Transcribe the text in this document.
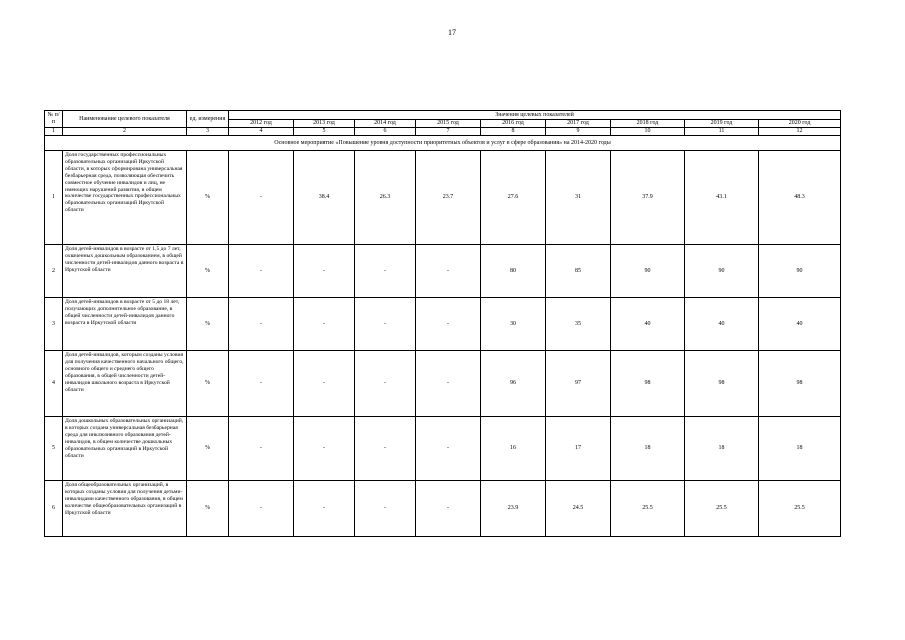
17
№ п/п	Наименование целевого показателя	ед. измерения	Значения целевых показателей								
			2012 год	2013 год	2014 год	2015 год	2016 год	2017 год	2018 год	2019 год	2020 год
1	2	3	4	5	6	7	8	9	10	11	12
Основное мероприятие «Повышение уровня доступности приоритетных объектов и услуг в сфере образования» на 2014-2020 годы											
1	Доля государственных профессиональных образовательных организаций Иркутской области, в которых сформирована универсальная безбарьерная среда, позволяющая обеспечить совместное обучение инвалидов и лиц, не имеющих нарушений развития, в общем количестве государственных профессиональных образовательных организаций Иркутской области	%	-	38.4	26.3	23.7	27.6	31	37.9	43.1	48.3
2	Доля детей-инвалидов в возрасте от 1,5 до 7 лет, охваченных дошкольным образованием, в общей численности детей-инвалидов данного возраста в Иркутской области	%	-	-	-	-	80	85	90	90	90
3	Доля детей-инвалидов в возрасте от 5 до 18 лет, получающих дополнительное образование, в общей численности детей-инвалидов данного возраста в Иркутской области	%	-	-	-	-	30	35	40	40	40
4	Доля детей-инвалидов, которым созданы условия для получения качественного начального общего, основного общего и среднего общего образования, в общей численности детей-инвалидов школьного возраста в Иркутской области	%	-	-	-	-	96	97	98	98	98
5	Доля дошкольных образовательных организаций, в которых создана универсальная безбарьерная среда для инклюзивного образования детей-инвалидов, в общем количестве дошкольных образовательных организаций в Иркутской области	%	-	-	-	-	16	17	18	18	18
6	Доля общеобразовательных организаций, в которых созданы условия для получения детьми-инвалидами качественного образования, в общем количестве общеобразовательных организаций в Иркутской области	%	-	-	-	-	23.9	24.5	25.5	25.5	25.5
